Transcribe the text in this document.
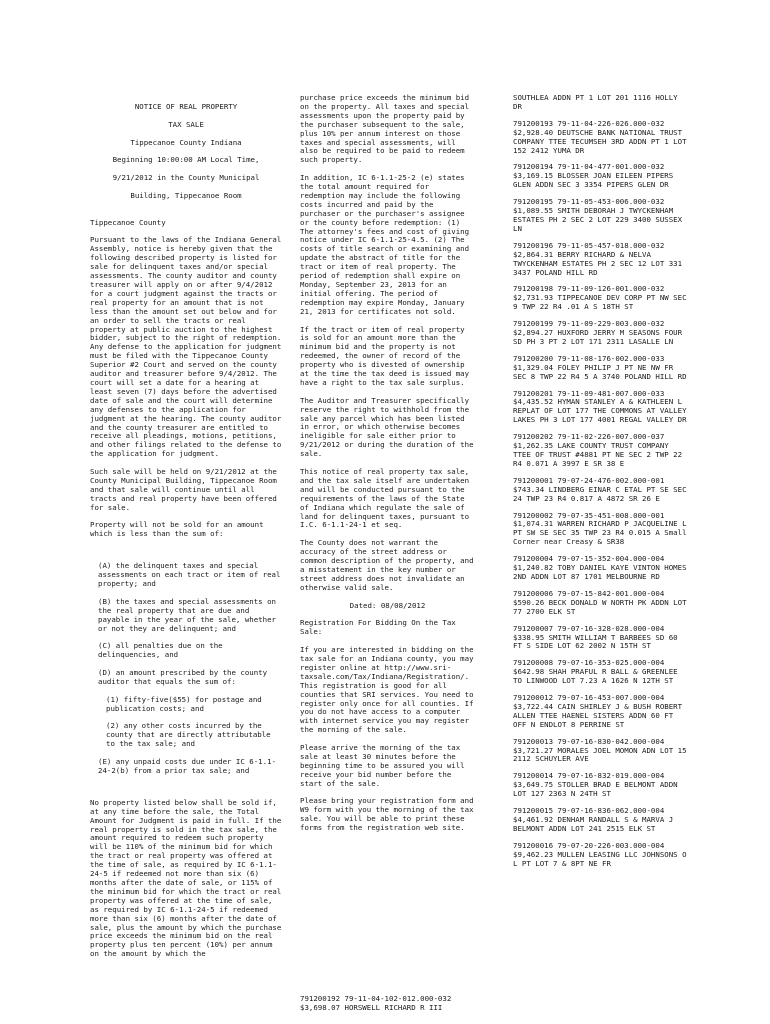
NOTICE OF REAL PROPERTY

TAX SALE

Tippecanoe County Indiana

Beginning 10:00:00 AM Local Time,

9/21/2012 in the County Municipal

Building, Tippecanoe Room

Tippecanoe County

Pursuant to the laws of the Indiana General Assembly, notice is hereby given that the following described property is listed for sale for delinquent taxes and/or special assessments. The county auditor and county treasurer will apply on or after 9/4/2012 for a court judgment against the tracts or real property for an amount that is not less than the amount set out below and for an order to sell the tracts or real property at public auction to the highest bidder, subject to the right of redemption. Any defense to the application for judgment must be filed with the Tippecanoe County Superior #2 Court and served on the county auditor and treasurer before 9/4/2012. The court will set a date for a hearing at least seven (7) days before the advertised date of sale and the court will determine any defenses to the application for judgment at the hearing. The county auditor and the county treasurer are entitled to receive all pleadings, motions, petitions, and other filings related to the defense to the application for judgment.

Such sale will be held on 9/21/2012 at the County Municipal Building, Tippecanoe Room and that sale will continue until all tracts and real property have been offered for sale.

Property will not be sold for an amount which is less than the sum of:

(A) the delinquent taxes and special assessments on each tract or item of real property; and

(B) the taxes and special assessments on the real property that are due and payable in the year of the sale, whether or not they are delinquent; and

(C) all penalties due on the delinquencies, and

(D) an amount prescribed by the county auditor that equals the sum of:

(1) fifty-five($55) for postage and publication costs; and

(2) any other costs incurred by the county that are directly attributable to the tax sale; and

(E) any unpaid costs due under IC 6-1.1-24-2(b) from a prior tax sale; and

No property listed below shall be sold if, at any time before the sale, the Total Amount for Judgment is paid in full. If the real property is sold in the tax sale, the amount required to redeem such property will be 110% of the minimum bid for which the tract or real property was offered at the time of sale, as required by IC 6-1.1-24-5 if redeemed not more than six (6) months after the date of sale, or 115% of the minimum bid for which the tract or real property was offered at the time of sale, as required by IC 6-1.1-24-5 if redeemed more than six (6) months after the date of sale, plus the amount by which the purchase price exceeds the minimum bid on the real property plus ten percent (10%) per annum on the amount by which the

purchase price exceeds the minimum bid on the property. All taxes and special assessments upon the property paid by the purchaser subsequent to the sale, plus 10% per annum interest on those taxes and special assessments, will also be required to be paid to redeem such property.

In addition, IC 6-1.1-25-2 (e) states the total amount required for redemption may include the following costs incurred and paid by the purchaser or the purchaser's assignee or the county before redemption: (1) The attorney's fees and cost of giving notice under IC 6-1.1-25-4.5. (2) The costs of title search or examining and update the abstract of title for the tract or item of real property. The period of redemption shall expire on Monday, September 23, 2013 for an initial offering. The period of redemption may expire Monday, January 21, 2013 for certificates not sold.

If the tract or item of real property is sold for an amount more than the minimum bid and the property is not redeemed, the owner of record of the property who is divested of ownership at the time the tax deed is issued may have a right to the tax sale surplus.

The Auditor and Treasurer specifically reserve the right to withhold from the sale any parcel which has been listed in error, or which otherwise becomes ineligible for sale either prior to 9/21/2012 or during the duration of the sale.

This notice of real property tax sale, and the tax sale itself are undertaken and will be conducted pursuant to the requirements of the laws of the State of Indiana which regulate the sale of land for delinquent taxes, pursuant to I.C. 6-1.1-24-1 et seq.

The County does not warrant the accuracy of the street address or common description of the property, and a misstatement in the key number or street address does not invalidate an otherwise valid sale.

Dated: 08/08/2012

Registration For Bidding On the Tax Sale:

If you are interested in bidding on the tax sale for an Indiana county, you may register online at http://www.sri-taxsale.com/Tax/Indiana/Registration/. This registration is good for all counties that SRI services. You need to register only once for all counties. If you do not have access to a computer with internet service you may register the morning of the sale.

Please arrive the morning of the tax sale at least 30 minutes before the beginning time to be assured you will receive your bid number before the start of the sale.

Please bring your registration form and W9 form with you the morning of the tax sale. You will be able to print these forms from the registration web site.

791200192 79-11-04-102-012.000-032
$3,698.07 HORSWELL RICHARD R III

SOUTHLEA ADDN PT 1 LOT 201 1116 HOLLY DR

791200193 79-11-04-226-026.000-032 $2,928.40 DEUTSCHE BANK NATIONAL TRUST COMPANY TTEE TECUMSEH 3RD ADDN PT 1 LOT 152 2412 YUMA DR

791200194 79-11-04-477-001.000-032 $3,169.15 BLOSSER JOAN EILEEN PIPERS GLEN ADDN SEC 3 3354 PIPERS GLEN DR

791200195 79-11-05-453-006.000-032 $1,089.55 SMITH DEBORAH J TWYCKENHAM ESTATES PH 2 SEC 2 LOT 229 3400 SUSSEX LN

791200196 79-11-05-457-018.000-032 $2,864.31 BERRY RICHARD & NELVA TWYCKENHAM ESTATES PH 2 SEC 12 LOT 331 3437 POLAND HILL RD

791200198 79-11-09-126-001.000-032 $2,731.93 TIPPECANOE DEV CORP PT NW SEC 9 TWP 22 R4 .01 A S 18TH ST

791200199 79-11-09-229-003.000-032 $2,894.27 HUXFORD JERRY M SEASONS FOUR SD PH 3 PT 2 LOT 171 2311 LASALLE LN

791200200 79-11-08-176-002.000-033 $1,329.04 FOLEY PHILIP J PT NE NW FR SEC 8 TWP 22 R4 5 A 3740 POLAND HILL RD

791200201 79-11-09-481-007.000-033 $4,435.52 HYMAN STANLEY A & KATHLEEN L REPLAT OF LOT 177 THE COMMONS AT VALLEY LAKES PH 3 LOT 177 4001 REGAL VALLEY DR

791200202 79-11-02-226-007.000-037 $1,262.35 LAKE COUNTY TRUST COMPANY TTEE OF TRUST #4881 PT NE SEC 2 TWP 22 R4 0.071 A 3997 E SR 38 E

791200001 79-07-24-476-002.000-001 $743.34 LINDBERG EINAR C ETAL PT SE SEC 24 TWP 23 R4 0.817 A 4872 SR 26 E

791200002 79-07-35-451-008.000-001 $1,074.31 WARREN RICHARD P JACQUELINE L PT SW SE SEC 35 TWP 23 R4 0.015 A Small Corner near Creasy & SR38

791200004 79-07-15-352-004.000-004 $1,240.82 TOBY DANIEL KAYE VINTON HOMES 2ND ADDN LOT 87 1701 MELBOURNE RD

791200006 79-07-15-842-001.000-004 $590.26 BECK DONALD W NORTH PK ADDN LOT 77 2700 ELK ST

791200007 79-07-16-328-028.000-004 $338.95 SMITH WILLIAM T BARBEES SD 60 FT S SIDE LOT 62 2002 N 15TH ST

791200008 79-07-16-353-025.000-004 $642.98 SHAH PRAFUL R BALL & GREENLEE TO LINWOOD LOT 7.23 A 1626 N 12TH ST

791200012 79-07-16-453-007.000-004 $3,722.44 CAIN SHIRLEY J & BUSH ROBERT ALLEN TTEE HAENEL SISTERS ADDN 60 FT OFF N ENDLOT 8 PERRINE ST

791200013 79-07-16-830-042.000-004 $3,721.27 MORALES JOEL MOMON ADN LOT 15 2112 SCHUYLER AVE

791200014 79-07-16-832-019.000-004 $3,649.75 STOLLER BRAD E BELMONT ADDN LOT 127 2363 N 24TH ST

791200015 79-07-16-836-062.000-004 $4,461.92 DENHAM RANDALL S & MARVA J BELMONT ADDN LOT 241 2515 ELK ST

791200016 79-07-20-226-003.000-004 $9,462.23 MULLEN LEASING LLC JOHNSONS O L PT LOT 7 & 8PT NE FR
